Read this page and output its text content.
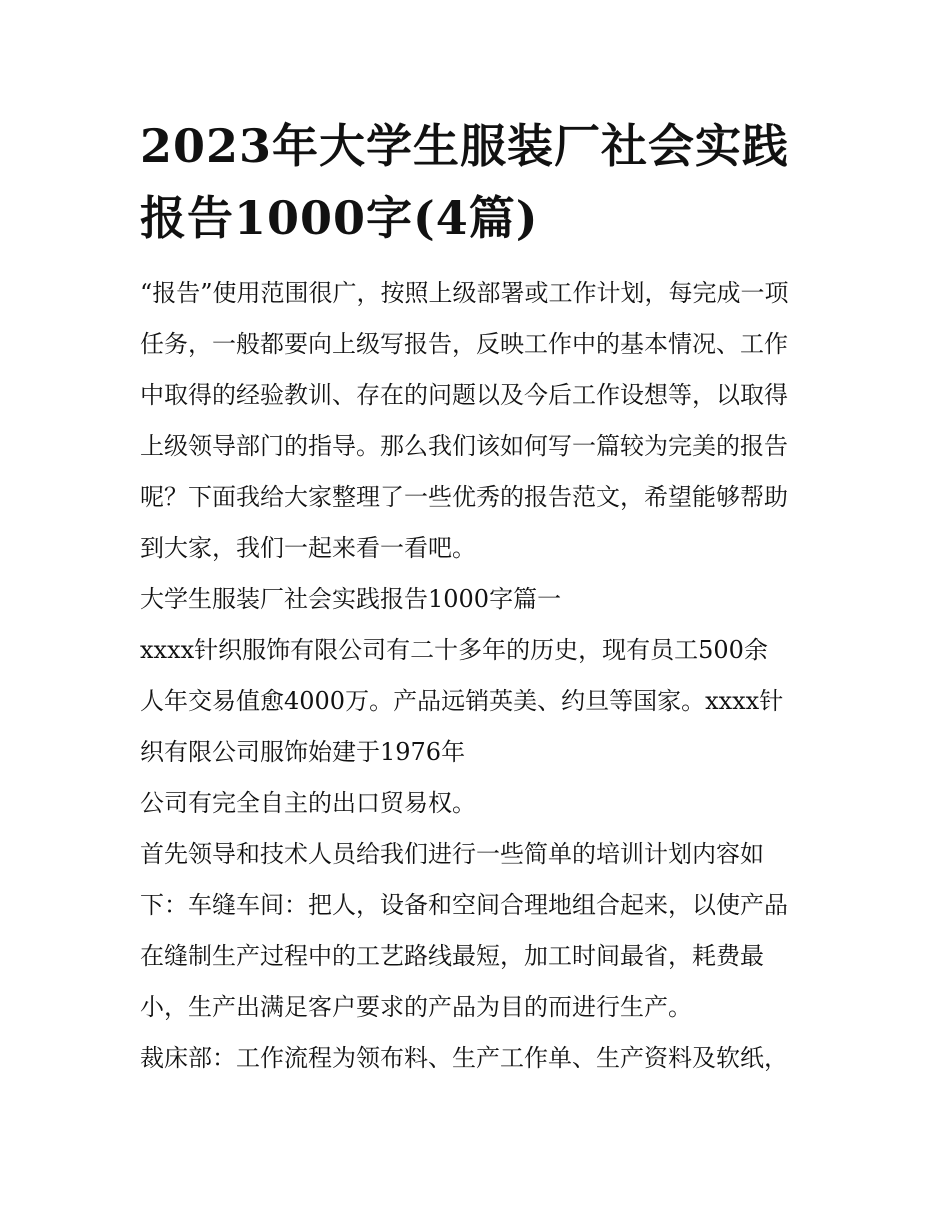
2023年大学生服装厂社会实践
报告1000字(4篇)

“报告”使用范围很广，按照上级部署或工作计划，每完成一项
任务，一般都要向上级写报告，反映工作中的基本情况、工作
中取得的经验教训、存在的问题以及今后工作设想等，以取得
上级领导部门的指导。那么我们该如何写一篇较为完美的报告
呢？下面我给大家整理了一些优秀的报告范文，希望能够帮助
到大家，我们一起来看一看吧。

大学生服装厂社会实践报告1000字篇一

xxxx针织服饰有限公司有二十多年的历史，现有员工500余
人年交易值愈4000万。产品远销英美、约旦等国家。xxxx针
织有限公司服饰始建于1976年

公司有完全自主的出口贸易权。

首先领导和技术人员给我们进行一些简单的培训计划内容如
下：车缝车间：把人，设备和空间合理地组合起来，以使产品
在缝制生产过程中的工艺路线最短，加工时间最省，耗费最
小，生产出满足客户要求的产品为目的而进行生产。

裁床部：工作流程为领布料、生产工作单、生产资料及软纸，
